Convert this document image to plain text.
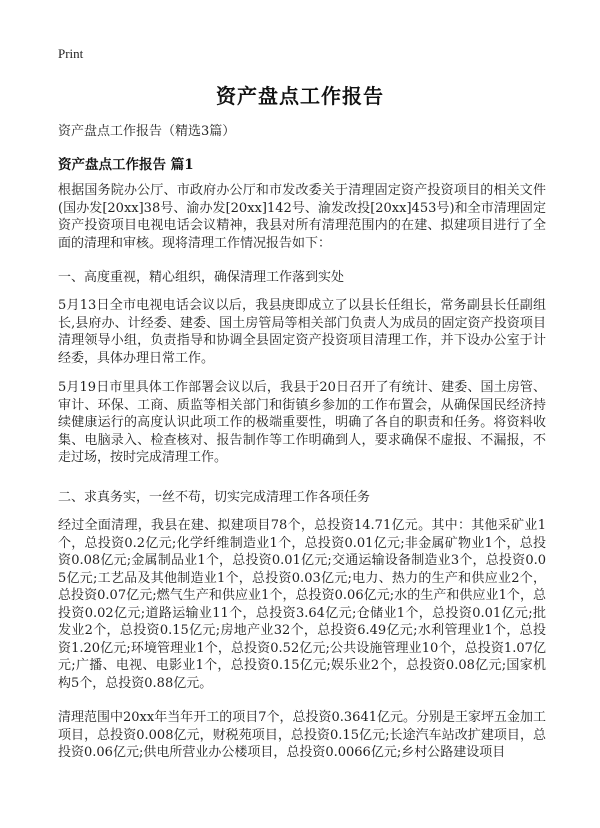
Print
资产盘点工作报告
资产盘点工作报告（精选3篇）
资产盘点工作报告 篇1
根据国务院办公厅、市政府办公厅和市发改委关于清理固定资产投资项目的相关文件(国办发[20xx]38号、渝办发[20xx]142号、渝发改投[20xx]453号)和全市清理固定资产投资项目电视电话会议精神，我县对所有清理范围内的在建、拟建项目进行了全面的清理和审核。现将清理工作情况报告如下：
一、高度重视，精心组织，确保清理工作落到实处
5月13日全市电视电话会议以后，我县庚即成立了以县长任组长，常务副县长任副组长,县府办、计经委、建委、国土房管局等相关部门负责人为成员的固定资产投资项目清理领导小组，负责指导和协调全县固定资产投资项目清理工作，并下设办公室于计经委，具体办理日常工作。
5月19日市里具体工作部署会议以后，我县于20日召开了有统计、建委、国土房管、审计、环保、工商、质监等相关部门和街镇乡参加的工作布置会，从确保国民经济持续健康运行的高度认识此项工作的极端重要性，明确了各自的职责和任务。将资料收集、电脑录入、检查核对、报告制作等工作明确到人，要求确保不虚报、不漏报，不走过场，按时完成清理工作。
二、求真务实，一丝不苟，切实完成清理工作各项任务
经过全面清理，我县在建、拟建项目78个，总投资14.71亿元。其中：其他采矿业1个，总投资0.2亿元;化学纤维制造业1个，总投资0.01亿元;非金属矿物业1个，总投资0.08亿元;金属制品业1个，总投资0.01亿元;交通运输设备制造业3个，总投资0.05亿元;工艺品及其他制造业1个，总投资0.03亿元;电力、热力的生产和供应业2个，总投资0.07亿元;燃气生产和供应业1个，总投资0.06亿元;水的生产和供应业1个，总投资0.02亿元;道路运输业11个，总投资3.64亿元;仓储业1个，总投资0.01亿元;批发业2个，总投资0.15亿元;房地产业32个，总投资6.49亿元;水利管理业1个，总投资1.20亿元;环境管理业1个，总投资0.52亿元;公共设施管理业10个，总投资1.07亿元;广播、电视、电影业1个，总投资0.15亿元;娱乐业2个，总投资0.08亿元;国家机构5个，总投资0.88亿元。
清理范围中20xx年当年开工的项目7个，总投资0.3641亿元。分别是王家坪五金加工项目，总投资0.008亿元，财税苑项目，总投资0.15亿元;长途汽车站改扩建项目，总投资0.06亿元;供电所营业办公楼项目，总投资0.0066亿元;乡村公路建设项目
